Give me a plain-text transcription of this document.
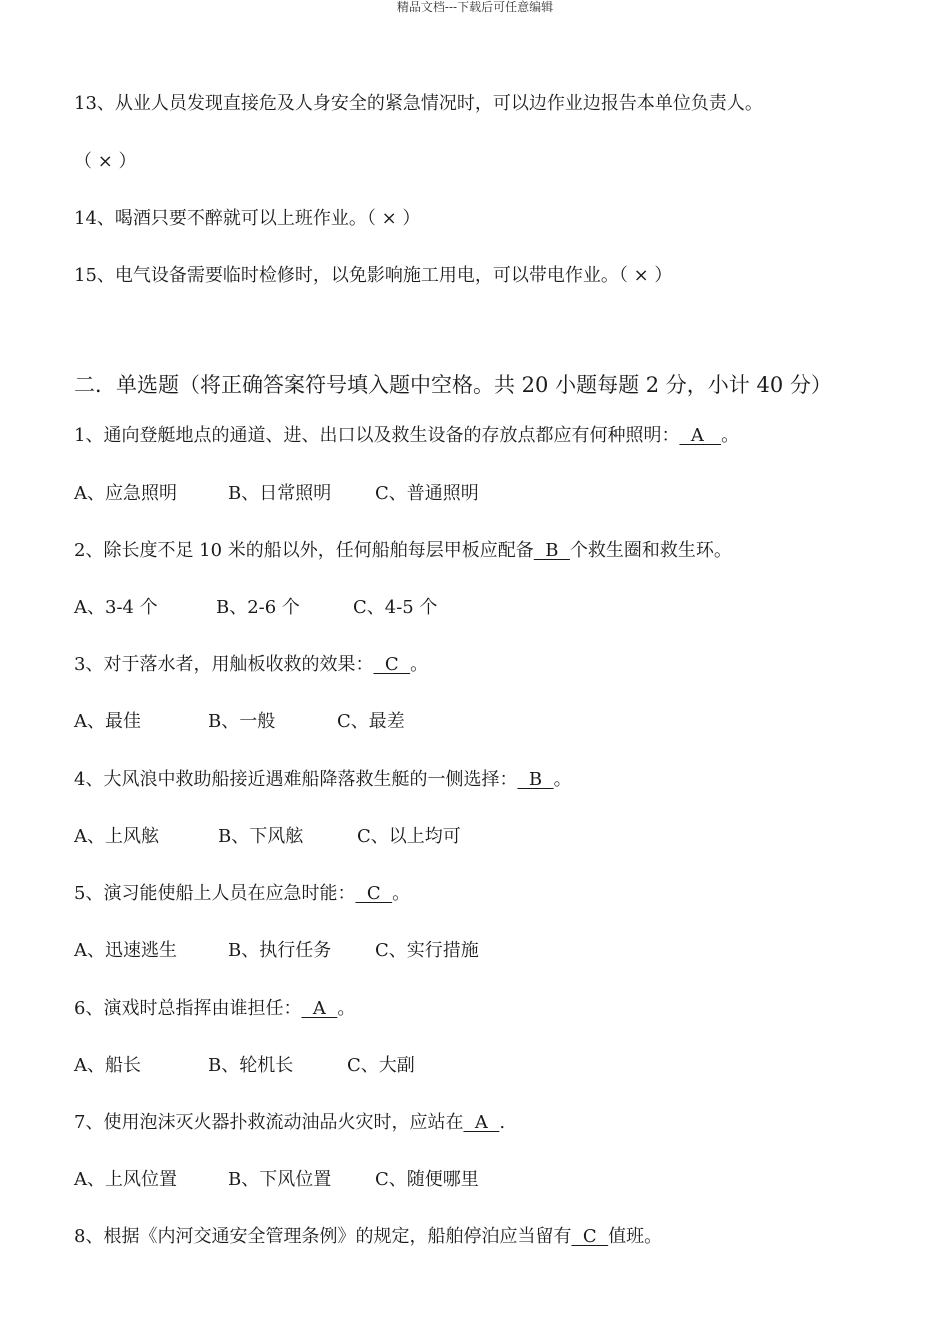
精品文档---下载后可任意编辑
13、从业人员发现直接危及人身安全的紧急情况时，可以边作业边报告本单位负责人。
（ × ）
14、喝酒只要不醉就可以上班作业。（ × ）
15、电气设备需要临时检修时，以免影响施工用电，可以带电作业。（ × ）
二．单选题（将正确答案符号填入题中空格。共 20 小题每题 2 分，小计 40 分）
1、通向登艇地点的通道、进、出口以及救生设备的存放点都应有何种照明：  A   。
A、应急照明	B、日常照明 C、普通照明
2、除长度不足 10 米的船以外，任何船舶每层甲板应配备  B  个救生圈和救生环。
A、3-4 个	B、2-6 个	C、4-5 个
3、对于落水者，用舢板收救的效果：  C  。
A、最佳	B、一般	C、最差
4、大风浪中救助船接近遇难船降落救生艇的一侧选择：  B  。
A、上风舷	B、下风舷	C、以上均可
5、演习能使船上人员在应急时能：  C  。
A、迅速逃生	B、执行任务 C、实行措施
6、演戏时总指挥由谁担任：  A  。
A、船长	B、轮机长	C、大副
7、使用泡沫灭火器扑救流动油品火灾时，应站在  A  .
A、上风位置	B、下风位置 C、随便哪里
8、根据《内河交通安全管理条例》的规定，船舶停泊应当留有  C  值班。
